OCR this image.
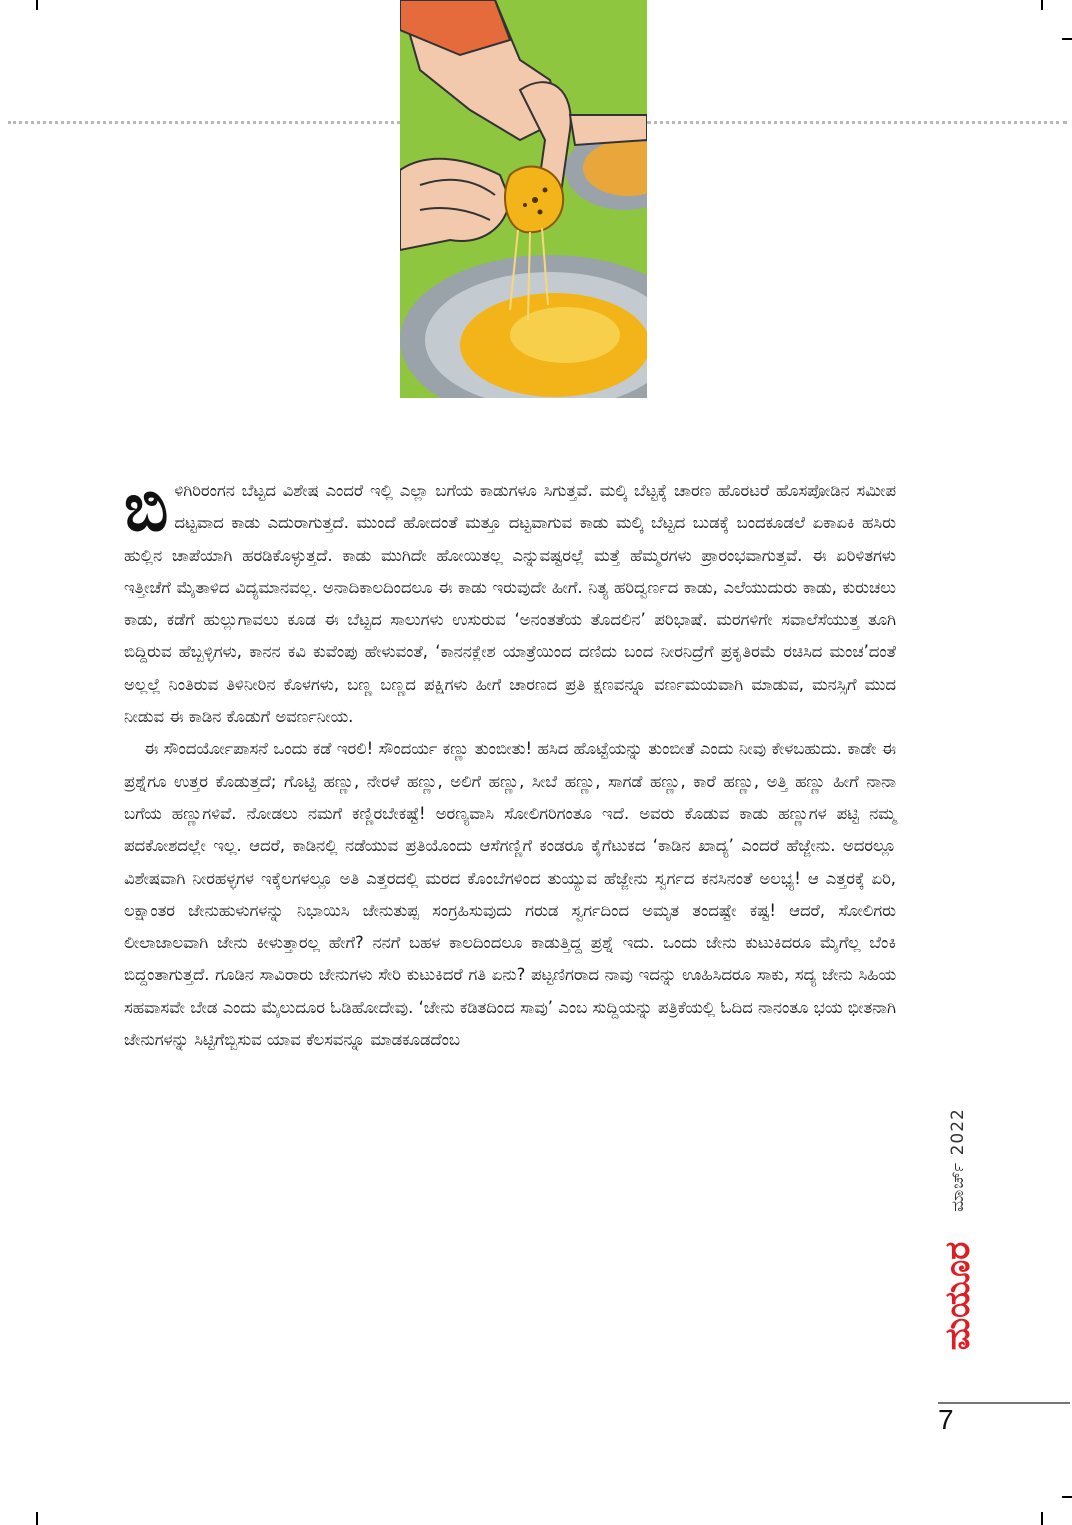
ಬಿಳಿಗಿರಿರಂಗನ ಬೆಟ್ಟದ ವಿಶೇಷ ಎಂದರೆ ಇಲ್ಲಿ ಎಲ್ಲಾ ಬಗೆಯ ಕಾಡುಗಳೂ ಸಿಗುತ್ತವೆ. ಮಲ್ಕಿ ಬೆಟ್ಟಕ್ಕೆ ಚಾರಣ ಹೊರಟರೆ ಹೊಸಪೋಡಿನ ಸಮೀಪ ದಟ್ಟವಾದ ಕಾಡು ಎದುರಾಗುತ್ತದೆ. ಮುಂದೆ ಹೋದಂತೆ ಮತ್ತೂ ದಟ್ಟವಾಗುವ ಕಾಡು ಮಲ್ಕಿ ಬೆಟ್ಟದ ಬುಡಕ್ಕೆ ಬಂದಕೂಡಲೆ ಏಕಾಏಕಿ ಹಸಿರು ಹುಲ್ಲಿನ ಚಾಪೆಯಾಗಿ ಹರಡಿಕೊಳ್ಳುತ್ತದೆ. ಕಾಡು ಮುಗಿದೇ ಹೋಯಿತಲ್ಲ ಎನ್ನುವಷ್ಟರಲ್ಲೆ ಮತ್ತೆ ಹೆಮ್ಮರಗಳು ಪ್ರಾರಂಭವಾಗುತ್ತವೆ. ಈ ಏರಿಳಿತಗಳು ಇತ್ತೀಚೆಗೆ ಮೈತಾಳಿದ ವಿದ್ಯಮಾನವಲ್ಲ. ಅನಾದಿಕಾಲದಿಂದಲೂ ಈ ಕಾಡು ಇರುವುದೇ ಹೀಗೆ. ನಿತ್ಯ ಹರಿದ್ವರ್ಣದ ಕಾಡು, ಎಲೆಯುದುರು ಕಾಡು, ಕುರುಚಲು ಕಾಡು, ಕಡೆಗೆ ಹುಲ್ಲುಗಾವಲು ಕೂಡ ಈ ಬೆಟ್ಟದ ಸಾಲುಗಳು ಉಸುರುವ ‘ಅನಂತತೆಯ ತೊದಲಿನ’ ಪರಿಭಾಷೆ. ಮರಗಳಿಗೇ ಸವಾಲೆಸೆಯುತ್ತ ತೂಗಿ ಬಿದ್ದಿರುವ ಹೆಬ್ಬಳ್ಳಿಗಳು, ಕಾನನ ಕವಿ ಕುವೆಂಪು ಹೇಳುವಂತೆ, ‘ಕಾನನಕ್ಲೇಶ ಯಾತ್ರೆಯಿಂದ ದಣಿದು ಬಂದ ನೀರನಿದ್ರೆಗೆ ಪ್ರಕೃತಿರಮೆ ರಚಿಸಿದ ಮಂಚ’ದಂತೆ ಅಲ್ಲಲ್ಲೆ ನಿಂತಿರುವ ತಿಳಿನೀರಿನ ಕೊಳಗಳು, ಬಣ್ಣ ಬಣ್ಣದ ಪಕ್ಷಿಗಳು ಹೀಗೆ ಚಾರಣದ ಪ್ರತಿ ಕ್ಷಣವನ್ನೂ ವರ್ಣಮಯವಾಗಿ ಮಾಡುವ, ಮನಸ್ಸಿಗೆ ಮುದ ನೀಡುವ ಈ ಕಾಡಿನ ಕೊಡುಗೆ ಅವರ್ಣನೀಯ.

ಈ ಸೌಂದರ್ಯೋಪಾಸನೆ ಒಂದು ಕಡೆ ಇರಲಿ! ಸೌಂದರ್ಯ ಕಣ್ಣು ತುಂಬೀತು! ಹಸಿದ ಹೊಟ್ಟೆಯನ್ನು ತುಂಬೀತೆ ಎಂದು ನೀವು ಕೇಳಬಹುದು. ಕಾಡೇ ಈ ಪ್ರಶ್ನೆಗೂ ಉತ್ತರ ಕೊಡುತ್ತದೆ; ಗೊಟ್ಟಿ ಹಣ್ಣು, ನೇರಳೆ ಹಣ್ಣು, ಅಲಿಗೆ ಹಣ್ಣು, ಸೀಬೆ ಹಣ್ಣು, ಸಾಗಡೆ ಹಣ್ಣು, ಕಾರೆ ಹಣ್ಣು, ಅತ್ತಿ ಹಣ್ಣು ಹೀಗೆ ನಾನಾ ಬಗೆಯ ಹಣ್ಣುಗಳಿವೆ. ನೋಡಲು ನಮಗೆ ಕಣ್ಣಿರಬೇಕಷ್ಟೆ! ಅರಣ್ಯವಾಸಿ ಸೋಲಿಗರಿಗಂತೂ ಇದೆ. ಅವರು ಕೊಡುವ ಕಾಡು ಹಣ್ಣುಗಳ ಪಟ್ಟಿ ನಮ್ಮ ಪದಕೋಶದಲ್ಲೇ ಇಲ್ಲ. ಆದರೆ, ಕಾಡಿನಲ್ಲಿ ನಡೆಯುವ ಪ್ರತಿಯೊಂದು ಆಸೆಗಣ್ಣಿಗೆ ಕಂಡರೂ ಕೈಗೆಟುಕದ ‘ಕಾಡಿನ ಖಾದ್ಯ’ ಎಂದರೆ ಹೆಜ್ಜೇನು. ಅದರಲ್ಲೂ ವಿಶೇಷವಾಗಿ ನೀರಹಳ್ಳಗಳ ಇಕ್ಕೆಲಗಳಲ್ಲೂ ಅತಿ ಎತ್ತರದಲ್ಲಿ ಮರದ ಕೊಂಬೆಗಳಿಂದ ತುಯ್ಯುವ ಹೆಜ್ಜೇನು ಸ್ವರ್ಗದ ಕನಸಿನಂತೆ ಅಲಭ್ಯ! ಆ ಎತ್ತರಕ್ಕೆ ಏರಿ, ಲಕ್ಷಾಂತರ ಜೇನುಹುಳುಗಳನ್ನು ನಿಭಾಯಿಸಿ ಜೇನುತುಪ್ಪ ಸಂಗ್ರಹಿಸುವುದು ಗರುಡ ಸ್ವರ್ಗದಿಂದ ಅಮೃತ ತಂದಷ್ಟೇ ಕಷ್ಟ! ಆದರೆ, ಸೋಲಿಗರು ಲೀಲಾಜಾಲವಾಗಿ ಜೇನು ಕೀಳುತ್ತಾರಲ್ಲ ಹೇಗೆ? ನನಗೆ ಬಹಳ ಕಾಲದಿಂದಲೂ ಕಾಡುತ್ತಿದ್ದ ಪ್ರಶ್ನೆ ಇದು. ಒಂದು ಜೇನು ಕುಟುಕಿದರೂ ಮೈಗೆಲ್ಲ ಬೆಂಕಿ ಬಿದ್ದಂತಾಗುತ್ತದೆ. ಗೂಡಿನ ಸಾವಿರಾರು ಜೇನುಗಳು ಸೇರಿ ಕುಟುಕಿದರೆ ಗತಿ ಏನು? ಪಟ್ಟಣಿಗರಾದ ನಾವು ಇದನ್ನು ಊಹಿಸಿದರೂ ಸಾಕು, ಸದ್ಯ ಜೇನು ಸಿಹಿಯ ಸಹವಾಸವೇ ಬೇಡ ಎಂದು ಮೈಲುದೂರ ಓಡಿಹೋದೇವು. ‘ಜೇನು ಕಡಿತದಿಂದ ಸಾವು’ ಎಂಬ ಸುದ್ದಿಯನ್ನು ಪತ್ರಿಕೆಯಲ್ಲಿ ಓದಿದ ನಾನಂತೂ ಭಯ ಭೀತನಾಗಿ ಜೇನುಗಳನ್ನು ಸಿಟ್ಟಿಗೆಬ್ಬಿಸುವ ಯಾವ ಕೆಲಸವನ್ನೂ ಮಾಡಕೂಡದೆಂಬ

ಮಾರ್ಚ್ 2022
ಮಯೂರ
7
